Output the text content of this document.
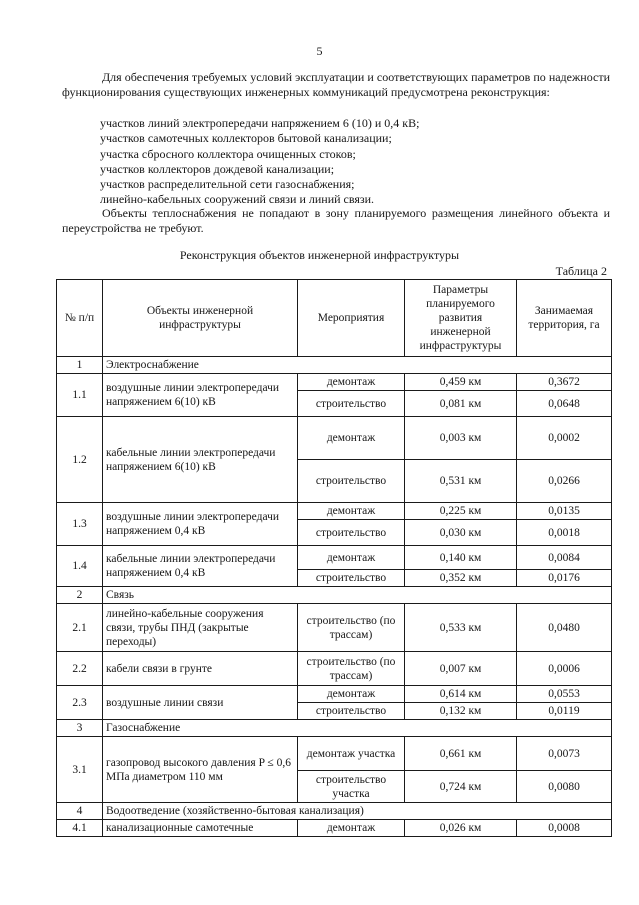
5

Для обеспечения требуемых условий эксплуатации и соответствующих параметров по надежности функционирования существующих инженерных коммуникаций предусмотрена реконструкция:

участков линий электропередачи напряжением 6 (10) и 0,4 кВ;
участков самотечных коллекторов бытовой канализации;
участка сбросного коллектора очищенных стоков;
участков коллекторов дождевой канализации;
участков распределительной сети газоснабжения;
линейно-кабельных сооружений связи и линий связи.

Объекты теплоснабжения не попадают в зону планируемого размещения линейного объекта и переустройства не требуют.

Реконструкция объектов инженерной инфраструктуры
Таблица 2
№ п/п	Объекты инженерной инфраструктуры	Мероприятия	Параметры планируемого развития инженерной инфраструктуры	Занимаемая территория, га
1	Электроснабжение			
1.1	воздушные линии электропередачи напряжением 6(10) кВ	демонтаж	0,459 км	0,3672
		строительство	0,081 км	0,0648
1.2	кабельные линии электропередачи напряжением 6(10) кВ	демонтаж	0,003 км	0,0002
		строительство	0,531 км	0,0266
1.3	воздушные линии электропередачи напряжением 0,4 кВ	демонтаж	0,225 км	0,0135
		строительство	0,030 км	0,0018
1.4	кабельные линии электропередачи напряжением 0,4 кВ	демонтаж	0,140 км	0,0084
		строительство	0,352 км	0,0176
2	Связь			
2.1	линейно-кабельные сооружения связи, трубы ПНД (закрытые переходы)	строительство (по трассам)	0,533 км	0,0480
2.2	кабели связи в грунте	строительство (по трассам)	0,007 км	0,0006
2.3	воздушные линии связи	демонтаж	0,614 км	0,0553
		строительство	0,132 км	0,0119
3	Газоснабжение			
3.1	газопровод высокого давления P ≤ 0,6 МПа диаметром 110 мм	демонтаж участка	0,661 км	0,0073
		строительство участка	0,724 км	0,0080
4	Водоотведение (хозяйственно-бытовая канализация)			
4.1	канализационные самотечные	демонтаж	0,026 км	0,0008
